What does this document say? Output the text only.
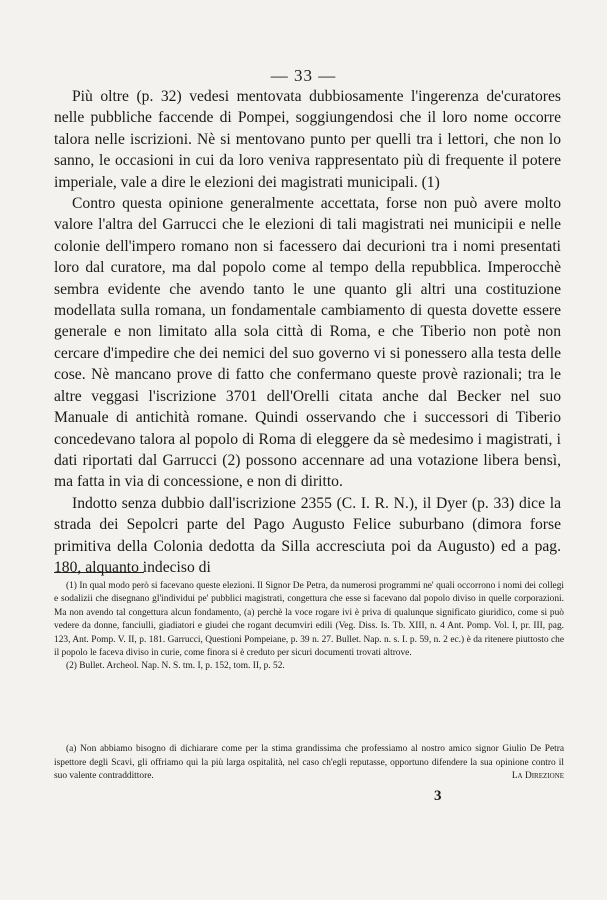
— 33 —

Più oltre (p. 32) vedesi mentovata dubbiosamente l'ingerenza de'curatores nelle pubbliche faccende di Pompei, soggiungendosi che il loro nome occorre talora nelle iscrizioni. Nè si mentovano punto per quelli tra i lettori, che non lo sanno, le occasioni in cui da loro veniva rappresentato più di frequente il potere imperiale, vale a dire le elezioni dei magistrati municipali. (1)

Contro questa opinione generalmente accettata, forse non può avere molto valore l'altra del Garrucci che le elezioni di tali magistrati nei municipii e nelle colonie dell'impero romano non si facessero dai decurioni tra i nomi presentati loro dal curatore, ma dal popolo come al tempo della repubblica. Imperocchè sembra evidente che avendo tanto le une quanto gli altri una costituzione modellata sulla romana, un fondamentale cambiamento di questa dovette essere generale e non limitato alla sola città di Roma, e che Tiberio non potè non cercare d'impedire che dei nemici del suo governo vi si ponessero alla testa delle cose. Nè mancano prove di fatto che confermano queste provè razionali; tra le altre veggasi l'iscrizione 3701 dell'Orelli citata anche dal Becker nel suo Manuale di antichità romane. Quindi osservando che i successori di Tiberio concedevano talora al popolo di Roma di eleggere da sè medesimo i magistrati, i dati riportati dal Garrucci (2) possono accennare ad una votazione libera bensì, ma fatta in via di concessione, e non di diritto.

Indotto senza dubbio dall'iscrizione 2355 (C. I. R. N.), il Dyer (p. 33) dice la strada dei Sepolcri parte del Pago Augusto Felice suburbano (dimora forse primitiva della Colonia dedotta da Silla accresciuta poi da Augusto) ed a pag. 180, alquanto indeciso di

(1) In qual modo però si facevano queste elezioni. Il Signor De Petra, da numerosi programmi ne' quali occorrono i nomi dei collegi e sodalizii che disegnano gl'individui pe' pubblici magistrati, congettura che esse si facevano dal popolo diviso in quelle corporazioni. Ma non avendo tal congettura alcun fondamento, (a) perchè la voce rogare ivi è priva di qualunque significato giuridico, come si può vedere da donne, fanciulli, giadiatori e giudei che rogant decumviri edili (Veg. Diss. Is. Tb. XIII, n. 4 Ant. Pomp. Vol. I, pr. III, pag. 123, Ant. Pomp. V. II, p. 181. Garrucci, Questioni Pompeiane, p. 39 n. 27. Bullet. Nap. n. s. I. p. 59, n. 2 ec.) è da ritenere piuttosto che il popolo le faceva diviso in curie, come finora si è creduto per sicuri documenti trovati altrove.

(2) Bullet. Archeol. Nap. N. S. tm. I, p. 152, tom. II, p. 52.

(a) Non abbiamo bisogno di dichiarare come per la stima grandissima che professiamo al nostro amico signor Giulio De Petra ispettore degli Scavi, gli offriamo qui la più larga ospitalità, nel caso ch'egli reputasse, opportuno difendere la sua opinione contro il suo valente contraddittore.	La Direzione

3
